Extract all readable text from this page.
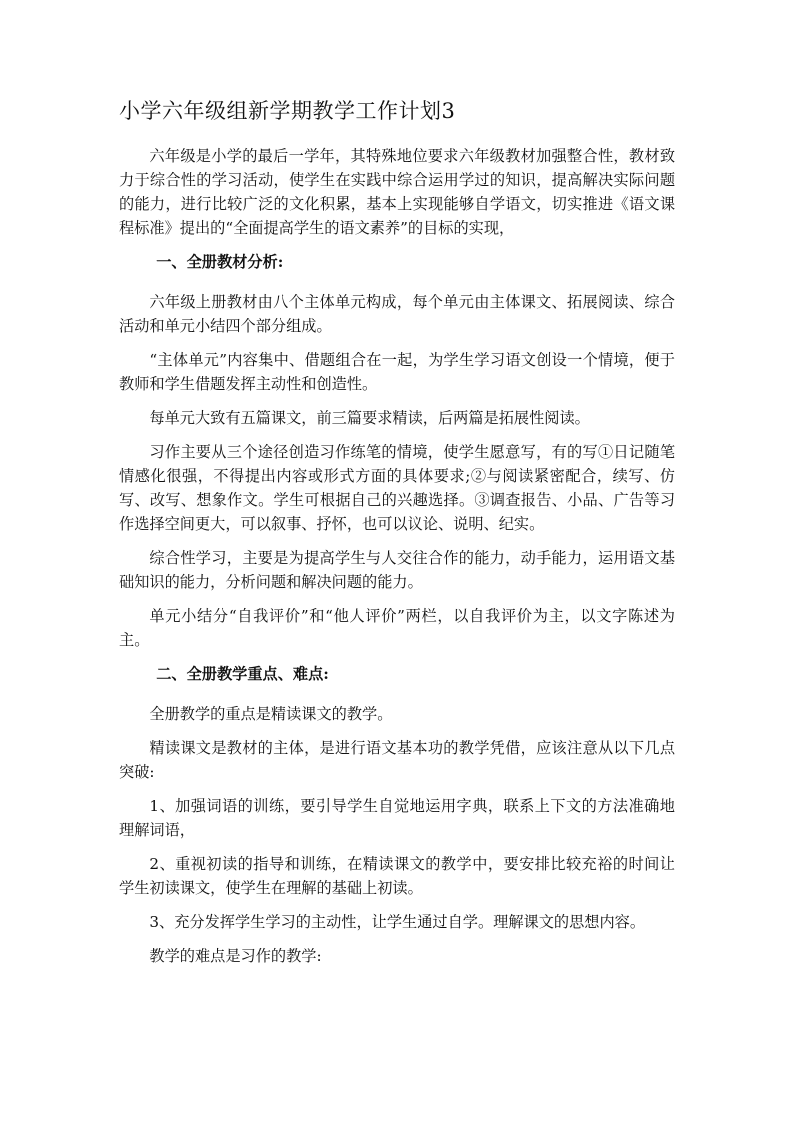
小学六年级组新学期教学工作计划3

六年级是小学的最后一学年，其特殊地位要求六年级教材加强整合性，教材致力于综合性的学习活动，使学生在实践中综合运用学过的知识，提高解决实际问题的能力，进行比较广泛的文化积累，基本上实现能够自学语文，切实推进《语文课程标准》提出的“全面提高学生的语文素养”的目标的实现，

一、全册教材分析:

六年级上册教材由八个主体单元构成，每个单元由主体课文、拓展阅读、综合活动和单元小结四个部分组成。

“主体单元”内容集中、借题组合在一起，为学生学习语文创设一个情境，便于教师和学生借题发挥主动性和创造性。

每单元大致有五篇课文，前三篇要求精读，后两篇是拓展性阅读。

习作主要从三个途径创造习作练笔的情境，使学生愿意写，有的写①日记随笔情感化很强，不得提出内容或形式方面的具体要求;②与阅读紧密配合，续写、仿写、改写、想象作文。学生可根据自己的兴趣选择。③调查报告、小品、广告等习作选择空间更大，可以叙事、抒怀，也可以议论、说明、纪实。

综合性学习，主要是为提高学生与人交往合作的能力，动手能力，运用语文基础知识的能力，分析问题和解决问题的能力。

单元小结分“自我评价”和“他人评价”两栏，以自我评价为主，以文字陈述为主。

二、全册教学重点、难点:

全册教学的重点是精读课文的教学。

精读课文是教材的主体，是进行语文基本功的教学凭借，应该注意从以下几点突破:

1、加强词语的训练，要引导学生自觉地运用字典，联系上下文的方法准确地理解词语，

2、重视初读的指导和训练，在精读课文的教学中，要安排比较充裕的时间让学生初读课文，使学生在理解的基础上初读。

3、充分发挥学生学习的主动性，让学生通过自学。理解课文的思想内容。

教学的难点是习作的教学:
